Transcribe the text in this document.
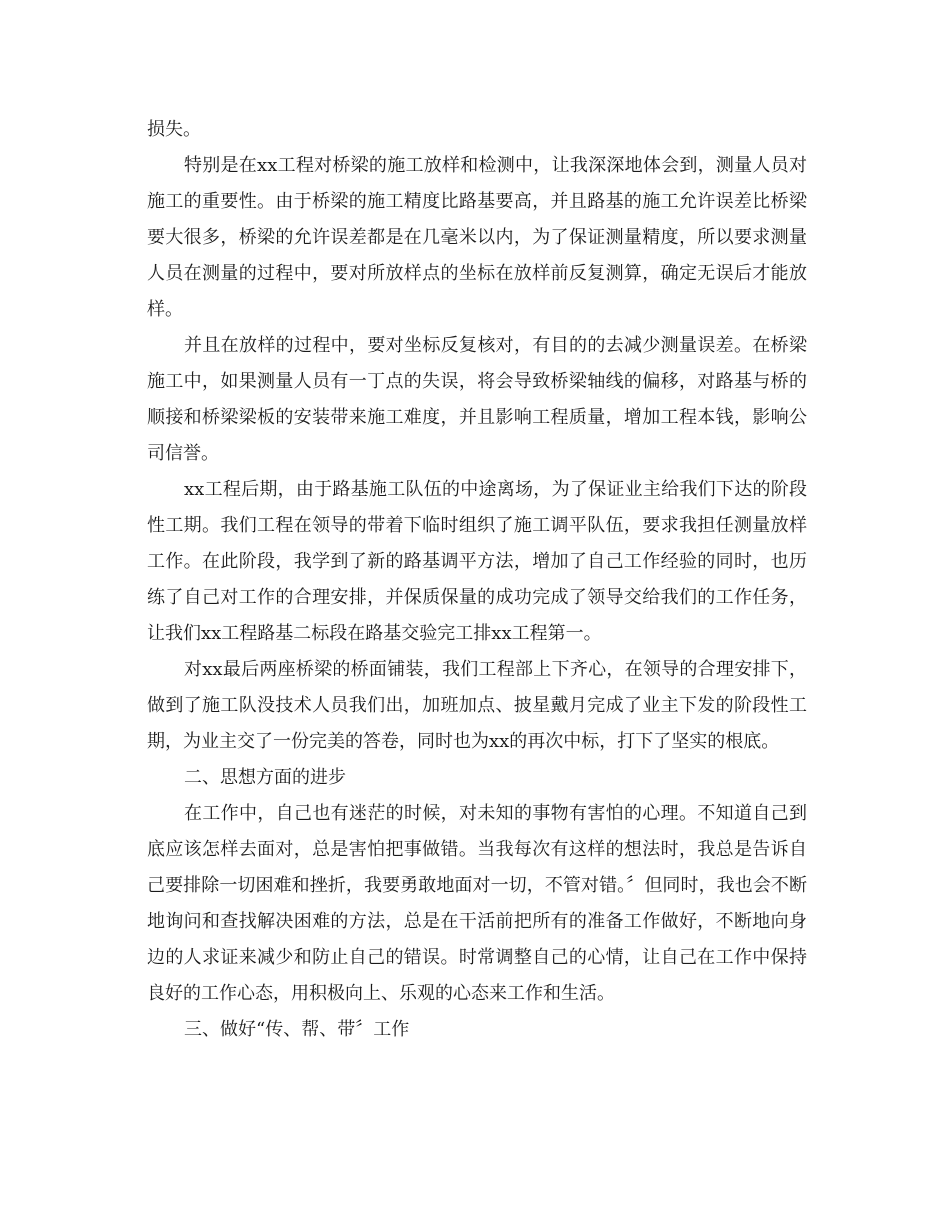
损失。

特别是在xx工程对桥梁的施工放样和检测中，让我深深地体会到，测量人员对施工的重要性。由于桥梁的施工精度比路基要高，并且路基的施工允许误差比桥梁要大很多，桥梁的允许误差都是在几毫米以内，为了保证测量精度，所以要求测量人员在测量的过程中，要对所放样点的坐标在放样前反复测算，确定无误后才能放样。

并且在放样的过程中，要对坐标反复核对，有目的的去减少测量误差。在桥梁施工中，如果测量人员有一丁点的失误，将会导致桥梁轴线的偏移，对路基与桥的顺接和桥梁梁板的安装带来施工难度，并且影响工程质量，增加工程本钱，影响公司信誉。

xx工程后期，由于路基施工队伍的中途离场，为了保证业主给我们下达的阶段性工期。我们工程在领导的带着下临时组织了施工调平队伍，要求我担任测量放样工作。在此阶段，我学到了新的路基调平方法，增加了自己工作经验的同时，也历练了自己对工作的合理安排，并保质保量的成功完成了领导交给我们的工作任务，让我们xx工程路基二标段在路基交验完工排xx工程第一。

对xx最后两座桥梁的桥面铺装，我们工程部上下齐心，在领导的合理安排下，做到了施工队没技术人员我们出，加班加点、披星戴月完成了业主下发的阶段性工期，为业主交了一份完美的答卷，同时也为xx的再次中标，打下了坚实的根底。

二、思想方面的进步

在工作中，自己也有迷茫的时候，对未知的事物有害怕的心理。不知道自己到底应该怎样去面对，总是害怕把事做错。当我每次有这样的想法时，我总是告诉自己要排除一切困难和挫折，我要勇敢地面对一切，不管对错。〞但同时，我也会不断地询问和查找解决困难的方法，总是在干活前把所有的准备工作做好，不断地向身边的人求证来减少和防止自己的错误。时常调整自己的心情，让自己在工作中保持良好的工作心态，用积极向上、乐观的心态来工作和生活。

三、做好“传、帮、带〞工作
